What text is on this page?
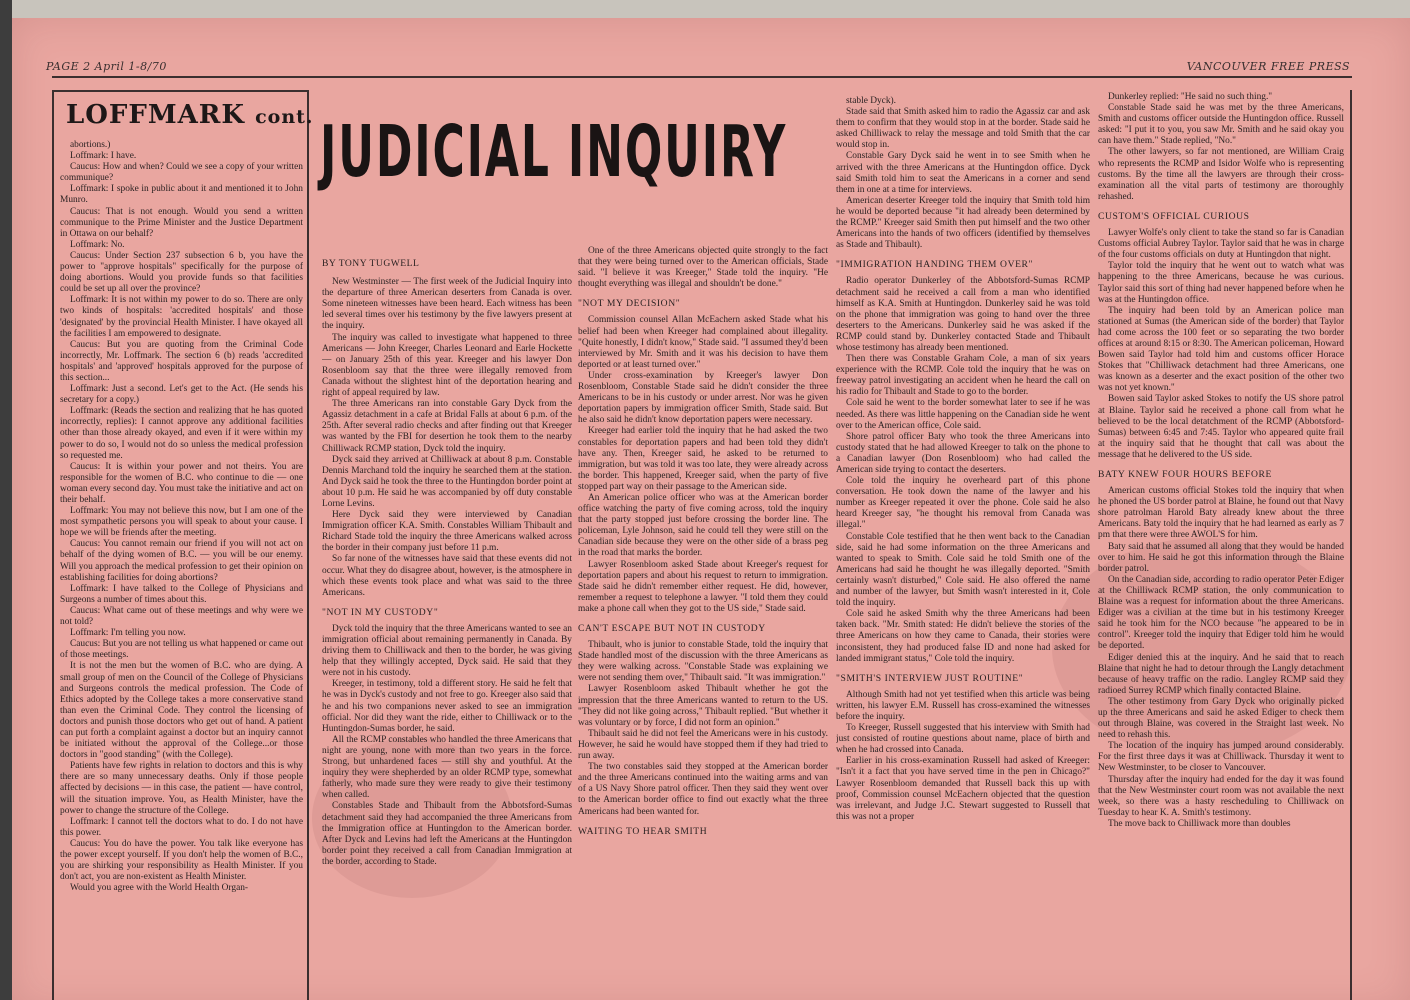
PAGE 2 April 1-8/70	VANCOUVER FREE PRESS
LOFFMARK cont.

abortions.)

Loffmark: I have.

Caucus: How and when? Could we see a copy of your written communique?

Loffmark: I spoke in public about it and mentioned it to John Munro.

Caucus: That is not enough. Would you send a written communique to the Prime Minister and the Justice Department in Ottawa on our behalf?

Loffmark: No.

Caucus: Under Section 237 subsection 6 b, you have the power to "approve hospitals" specifically for the purpose of doing abortions. Would you provide funds so that facilities could be set up all over the province?

Loffmark: It is not within my power to do so. There are only two kinds of hospitals: 'accredited hospitals' and those 'designated' by the provincial Health Minister. I have okayed all the facilities I am empowered to designate.

Caucus: But you are quoting from the Criminal Code incorrectly, Mr. Loffmark. The section 6 (b) reads 'accredited hospitals' and 'approved' hospitals approved for the purpose of this section...

Loffmark: Just a second. Let's get to the Act. (He sends his secretary for a copy.)

Loffmark: (Reads the section and realizing that he has quoted incorrectly, replies): I cannot approve any additional facilities other than those already okayed, and even if it were within my power to do so, I would not do so unless the medical profession so requested me.

Caucus: It is within your power and not theirs. You are responsible for the women of B.C. who continue to die — one woman every second day. You must take the initiative and act on their behalf.

Loffmark: You may not believe this now, but I am one of the most sympathetic persons you will speak to about your cause. I hope we will be friends after the meeting.

Caucus: You cannot remain our friend if you will not act on behalf of the dying women of B.C. — you will be our enemy. Will you approach the medical profession to get their opinion on establishing facilities for doing abortions?

Loffmark: I have talked to the College of Physicians and Surgeons a number of times about this.

Caucus: What came out of these meetings and why were we not told?

Loffmark: I'm telling you now.

Caucus: But you are not telling us what happened or came out of those meetings.

It is not the men but the women of B.C. who are dying. A small group of men on the Council of the College of Physicians and Surgeons controls the medical profession. The Code of Ethics adopted by the College takes a more conservative stand than even the Criminal Code. They control the licensing of doctors and punish those doctors who get out of hand. A patient can put forth a complaint against a doctor but an inquiry cannot be initiated without the approval of the College...or those doctors in "good standing" (with the College).

Patients have few rights in relation to doctors and this is why there are so many unnecessary deaths. Only if those people affected by decisions — in this case, the patient — have control, will the situation improve. You, as Health Minister, have the power to change the structure of the College.

Loffmark: I cannot tell the doctors what to do. I do not have this power.

Caucus: You do have the power. You talk like everyone has the power except yourself. If you don't help the women of B.C., you are shirking your responsibility as Health Minister. If you don't act, you are non-existent as Health Minister.

Would you agree with the World Health Organ-

JUDICIAL INQUIRY
BY TONY TUGWELL

New Westminster — The first week of the Judicial Inquiry into the departure of three American deserters from Canada is over. Some nineteen witnesses have been heard. Each witness has been led several times over his testimony by the five lawyers present at the inquiry.

The inquiry was called to investigate what happened to three Americans — John Kreeger, Charles Leonard and Earle Hockette — on January 25th of this year. Kreeger and his lawyer Don Rosenbloom say that the three were illegally removed from Canada without the slightest hint of the deportation hearing and right of appeal required by law.

The three Americans ran into constable Gary Dyck from the Agassiz detachment in a cafe at Bridal Falls at about 6 p.m. of the 25th. After several radio checks and after finding out that Kreeger was wanted by the FBI for desertion he took them to the nearby Chilliwack RCMP station, Dyck told the inquiry.

Dyck said they arrived at Chilliwack at about 8 p.m. Constable Dennis Marchand told the inquiry he searched them at the station. And Dyck said he took the three to the Huntingdon border point at about 10 p.m. He said he was accompanied by off duty constable Lorne Levins.

Here Dyck said they were interviewed by Canadian Immigration officer K.A. Smith. Constables William Thibault and Richard Stade told the inquiry the three Americans walked across the border in their company just before 11 p.m.

So far none of the witnesses have said that these events did not occur. What they do disagree about, however, is the atmosphere in which these events took place and what was said to the three Americans.

"NOT IN MY CUSTODY"

Dyck told the inquiry that the three Americans wanted to see an immigration official about remaining permanently in Canada. By driving them to Chilliwack and then to the border, he was giving help that they willingly accepted, Dyck said. He said that they were not in his custody.

Kreeger, in testimony, told a different story. He said he felt that he was in Dyck's custody and not free to go. Kreeger also said that he and his two companions never asked to see an immigration official. Nor did they want the ride, either to Chilliwack or to the Huntingdon-Sumas border, he said.

All the RCMP constables who handled the three Americans that night are young, none with more than two years in the force. Strong, but unhardened faces — still shy and youthful. At the inquiry they were shepherded by an older RCMP type, somewhat fatherly, who made sure they were ready to give their testimony when called.

Constables Stade and Thibault from the Abbotsford-Sumas detachment said they had accompanied the three Americans from the Immigration office at Huntingdon to the American border. After Dyck and Levins had left the Americans at the Huntingdon border point they received a call from Canadian Immigration at the border, according to Stade.

One of the three Americans objected quite strongly to the fact that they were being turned over to the American officials, Stade said. "I believe it was Kreeger," Stade told the inquiry. "He thought everything was illegal and shouldn't be done."

"NOT MY DECISION"

Commission counsel Allan McEachern asked Stade what his belief had been when Kreeger had complained about illegality. "Quite honestly, I didn't know," Stade said. "I assumed they'd been interviewed by Mr. Smith and it was his decision to have them deported or at least turned over."

Under cross-examination by Kreeger's lawyer Don Rosenbloom, Constable Stade said he didn't consider the three Americans to be in his custody or under arrest. Nor was he given deportation papers by immigration officer Smith, Stade said. But he also said he didn't know deportation papers were necessary.

Kreeger had earlier told the inquiry that he had asked the two constables for deportation papers and had been told they didn't have any. Then, Kreeger said, he asked to be returned to immigration, but was told it was too late, they were already across the border. This happened, Kreeger said, when the party of five stopped part way on their passage to the American side.

An American police officer who was at the American border office watching the party of five coming across, told the inquiry that the party stopped just before crossing the border line. The policeman, Lyle Johnson, said he could tell they were still on the Canadian side because they were on the other side of a brass peg in the road that marks the border.

Lawyer Rosenbloom asked Stade about Kreeger's request for deportation papers and about his request to return to immigration. Stade said he didn't remember either request. He did, however, remember a request to telephone a lawyer. "I told them they could make a phone call when they got to the US side," Stade said.

CAN'T ESCAPE BUT NOT IN CUSTODY

Thibault, who is junior to constable Stade, told the inquiry that Stade handled most of the discussion with the three Americans as they were walking across. "Constable Stade was explaining we were not sending them over," Thibault said. "It was immigration."

Lawyer Rosenbloom asked Thibault whether he got the impression that the three Americans wanted to return to the US. "They did not like going across," Thibault replied. "But whether it was voluntary or by force, I did not form an opinion."

Thibault said he did not feel the Americans were in his custody. However, he said he would have stopped them if they had tried to run away.

The two constables said they stopped at the American border and the three Americans continued into the waiting arms and van of a US Navy Shore patrol officer. Then they said they went over to the American border office to find out exactly what the three Americans had been wanted for.

WAITING TO HEAR SMITH

stable Dyck).

Stade said that Smith asked him to radio the Agassiz car and ask them to confirm that they would stop in at the border. Stade said he asked Chilliwack to relay the message and told Smith that the car would stop in.

Constable Gary Dyck said he went in to see Smith when he arrived with the three Americans at the Huntingdon office. Dyck said Smith told him to seat the Americans in a corner and send them in one at a time for interviews.

American deserter Kreeger told the inquiry that Smith told him he would be deported because "it had already been determined by the RCMP." Kreeger said Smith then put himself and the two other Americans into the hands of two officers (identified by themselves as Stade and Thibault).

"IMMIGRATION HANDING THEM OVER"

Radio operator Dunkerley of the Abbotsford-Sumas RCMP detachment said he received a call from a man who identified himself as K.A. Smith at Huntingdon. Dunkerley said he was told on the phone that immigration was going to hand over the three deserters to the Americans. Dunkerley said he was asked if the RCMP could stand by. Dunkerley contacted Stade and Thibault whose testimony has already been mentioned.

Then there was Constable Graham Cole, a man of six years experience with the RCMP. Cole told the inquiry that he was on freeway patrol investigating an accident when he heard the call on his radio for Thibault and Stade to go to the border.

Cole said he went to the border somewhat later to see if he was needed. As there was little happening on the Canadian side he went over to the American office, Cole said.

Shore patrol officer Baty who took the three Americans into custody stated that he had allowed Kreeger to talk on the phone to a Canadian lawyer (Don Rosenbloom) who had called the American side trying to contact the deserters.

Cole told the inquiry he overheard part of this phone conversation. He took down the name of the lawyer and his number as Kreeger repeated it over the phone. Cole said he also heard Kreeger say, "he thought his removal from Canada was illegal."

Constable Cole testified that he then went back to the Canadian side, said he had some information on the three Americans and wanted to speak to Smith. Cole said he told Smith one of the Americans had said he thought he was illegally deported. "Smith certainly wasn't disturbed," Cole said. He also offered the name and number of the lawyer, but Smith wasn't interested in it, Cole told the inquiry.

Cole said he asked Smith why the three Americans had been taken back. "Mr. Smith stated: He didn't believe the stories of the three Americans on how they came to Canada, their stories were inconsistent, they had produced false ID and none had asked for landed immigrant status," Cole told the inquiry.

"SMITH'S INTERVIEW JUST ROUTINE"

Although Smith had not yet testified when this article was being written, his lawyer E.M. Russell has cross-examined the witnesses before the inquiry.

To Kreeger, Russell suggested that his interview with Smith had just consisted of routine questions about name, place of birth and when he had crossed into Canada.

Earlier in his cross-examination Russell had asked of Kreeger: "Isn't it a fact that you have served time in the pen in Chicago?" Lawyer Rosenbloom demanded that Russell back this up with proof, Commission counsel McEachern objected that the question was irrelevant, and Judge J.C. Stewart suggested to Russell that this was not a proper

Dunkerley replied: "He said no such thing."

Constable Stade said he was met by the three Americans, Smith and customs officer outside the Huntingdon office. Russell asked: "I put it to you, you saw Mr. Smith and he said okay you can have them." Stade replied, "No."

The other lawyers, so far not mentioned, are William Craig who represents the RCMP and Isidor Wolfe who is representing customs. By the time all the lawyers are through their cross-examination all the vital parts of testimony are thoroughly rehashed.

CUSTOM'S OFFICIAL CURIOUS

Lawyer Wolfe's only client to take the stand so far is Canadian Customs official Aubrey Taylor. Taylor said that he was in charge of the four customs officials on duty at Huntingdon that night.

Taylor told the inquiry that he went out to watch what was happening to the three Americans, because he was curious. Taylor said this sort of thing had never happened before when he was at the Huntingdon office.

The inquiry had been told by an American police man stationed at Sumas (the American side of the border) that Taylor had come across the 100 feet or so separating the two border offices at around 8:15 or 8:30. The American policeman, Howard Bowen said Taylor had told him and customs officer Horace Stokes that "Chilliwack detachment had three Americans, one was known as a deserter and the exact position of the other two was not yet known."

Bowen said Taylor asked Stokes to notify the US shore patrol at Blaine. Taylor said he received a phone call from what he believed to be the local detatchment of the RCMP (Abbotsford-Sumas) between 6:45 and 7:45. Taylor who appeared quite frail at the inquiry said that he thought that call was about the message that he delivered to the US side.

BATY KNEW FOUR HOURS BEFORE

American customs official Stokes told the inquiry that when he phoned the US border patrol at Blaine, he found out that Navy shore patrolman Harold Baty already knew about the three Americans. Baty told the inquiry that he had learned as early as 7 pm that there were three AWOL'S for him.

Baty said that he assumed all along that they would be handed over to him. He said he got this information through the Blaine border patrol.

On the Canadian side, according to radio operator Peter Ediger at the Chilliwack RCMP station, the only communication to Blaine was a request for information about the three Americans. Ediger was a civilian at the time but in his testimony Kreeger said he took him for the NCO because "he appeared to be in control". Kreeger told the inquiry that Ediger told him he would be deported.

Ediger denied this at the inquiry. And he said that to reach Blaine that night he had to detour through the Langly detachment because of heavy traffic on the radio. Langley RCMP said they radioed Surrey RCMP which finally contacted Blaine.

The other testimony from Gary Dyck who originally picked up the three Americans and said he asked Ediger to check them out through Blaine, was covered in the Straight last week. No need to rehash this.

The location of the inquiry has jumped around considerably. For the first three days it was at Chilliwack. Thursday it went to New Westminster, to be closer to Vancouver.

Thursday after the inquiry had ended for the day it was found that the New Westminster court room was not available the next week, so there was a hasty rescheduling to Chilliwack on Tuesday to hear K. A. Smith's testimony.

The move back to Chilliwack more than doubles
